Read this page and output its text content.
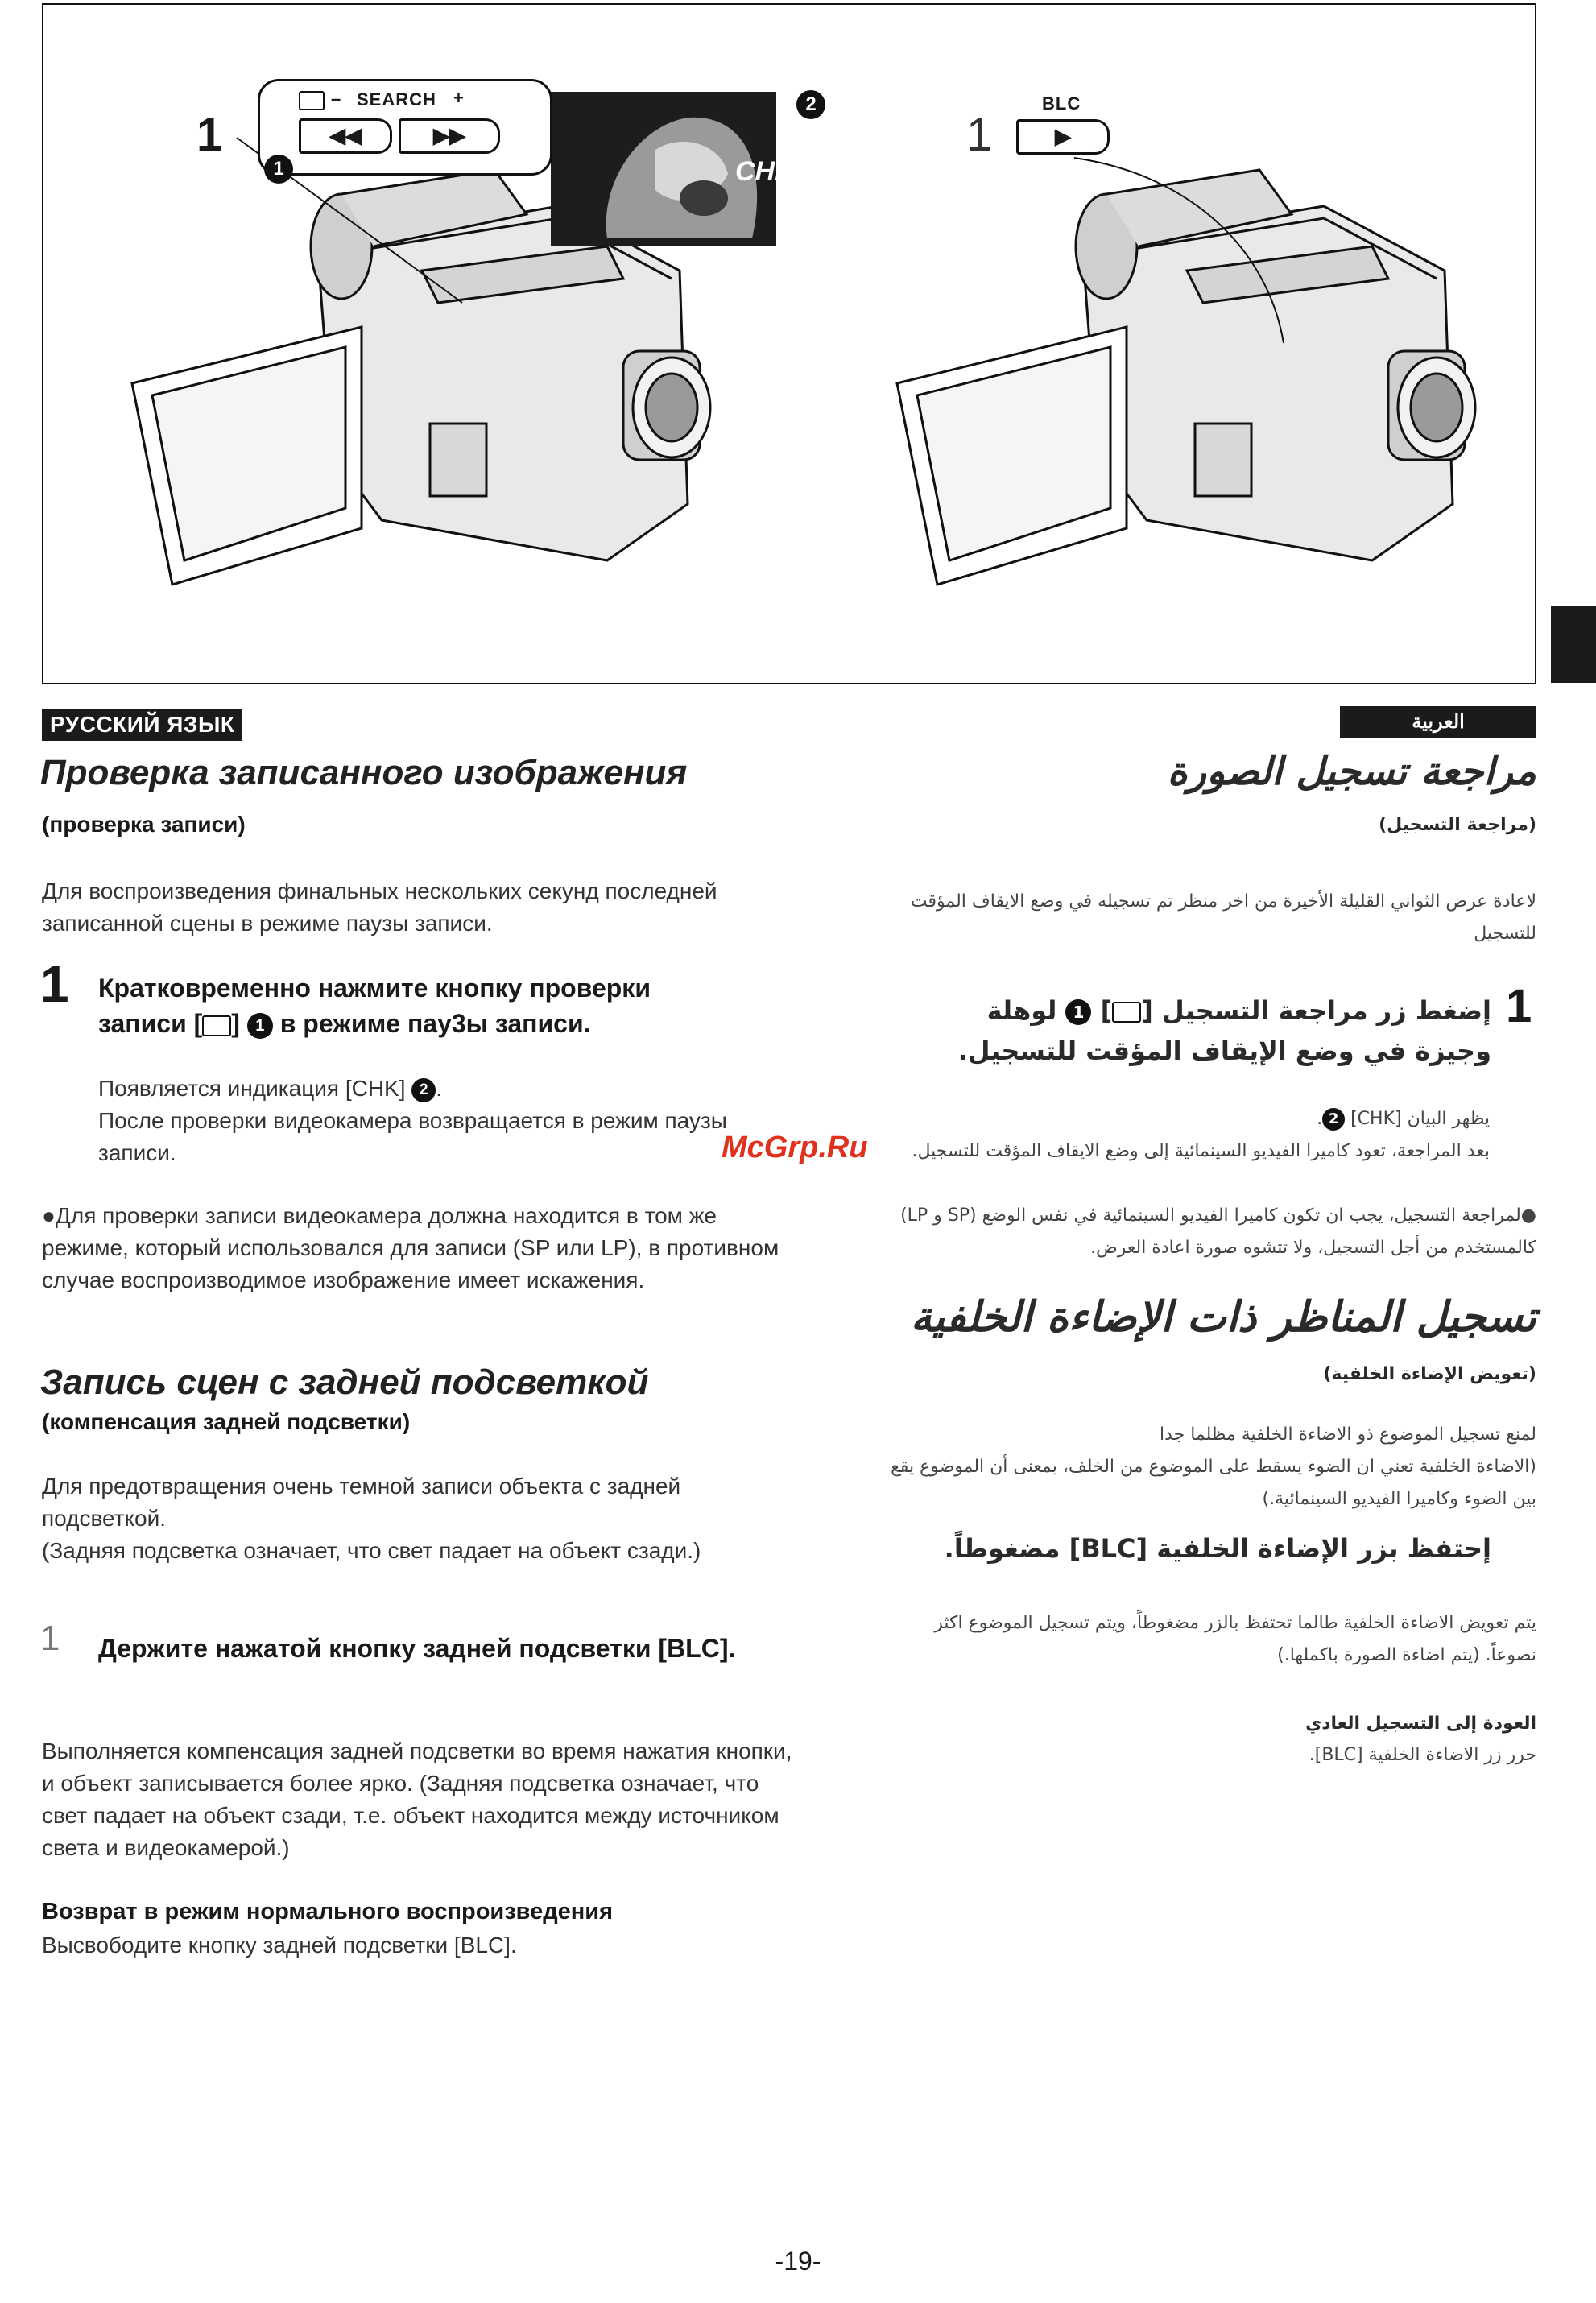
1
– SEARCH +
◀◀	▶▶
1	CHK
2
1
BLC
▶
РУССКИЙ ЯЗЫК
Проверка записанного изображения
(проверка записи)
Для воспроизведения финальных нескольких секунд последней записанной сцены в режиме паузы записи.
1 Кратковременно нажмите кнопку проверки
записи [ ] 1 в режиме пау3ы записи.
Появляется индикация [CHK] 2 .
После проверки видеокамера возвращается в режим паузы записи.
●Для проверки записи видеокамера должна находится в том же режиме, который использовался для записи (SP или LP), в противном случае воспроизводимое изображение имеет искажения.
Запись сцен с задней подсветкой
(компенсация задней подсветки)
Для предотвращения очень темной записи объекта с задней подсветкой.
(Задняя подсветка означает, что свет падает на объект сзади.)
1 Держите нажатой кнопку задней подсветки [BLC].
Выполняется компенсация задней подсветки во время нажатия кнопки, и объект записывается более ярко. (Задняя подсветка означает, что свет падает на объект сзади, т.е. объект находится между источником света и видеокамерой.)
Возврат в режим нормального воспроизведения
Высвободите кнопку задней подсветки [BLC].
العربية
مراجعة تسجيل الصورة
(مراجعة التسجيل)
لاعادة عرض الثواني القليلة الأخيرة من اخر منظر تم تسجيله في وضع الايقاف المؤقت للتسجيل
1
إضغط زر مراجعة التسجيل [] 1 لوهلة
وجيزة في وضع الإيقاف المؤقت للتسجيل.
يظهر البيان [CHK] 2.
بعد المراجعة، تعود كاميرا الفيديو السينمائية إلى وضع الايقاف المؤقت للتسجيل.
●لمراجعة التسجيل، يجب ان تكون كاميرا الفيديو السينمائية في نفس الوضع (SP و LP) كالمستخدم من أجل التسجيل، ولا تتشوه صورة اعادة العرض.
تسجيل المناظر ذات الإضاءة الخلفية
(تعويض الإضاءة الخلفية)
لمنع تسجيل الموضوع ذو الاضاءة الخلفية مظلما جدا
(الاضاءة الخلفية تعني ان الضوء يسقط على الموضوع من الخلف، بمعنى أن الموضوع يقع بين الضوء وكاميرا الفيديو السينمائية.)
إحتفظ بزر الإضاءة الخلفية [BLC] مضغوطاً.
يتم تعويض الاضاءة الخلفية طالما تحتفظ بالزر مضغوطاً، ويتم تسجيل الموضوع اكثر نصوعاً. (يتم اضاءة الصورة باكملها.)
العودة إلى التسجيل العادي
حرر زر الاضاءة الخلفية [BLC].
McGrp.Ru
-19-
